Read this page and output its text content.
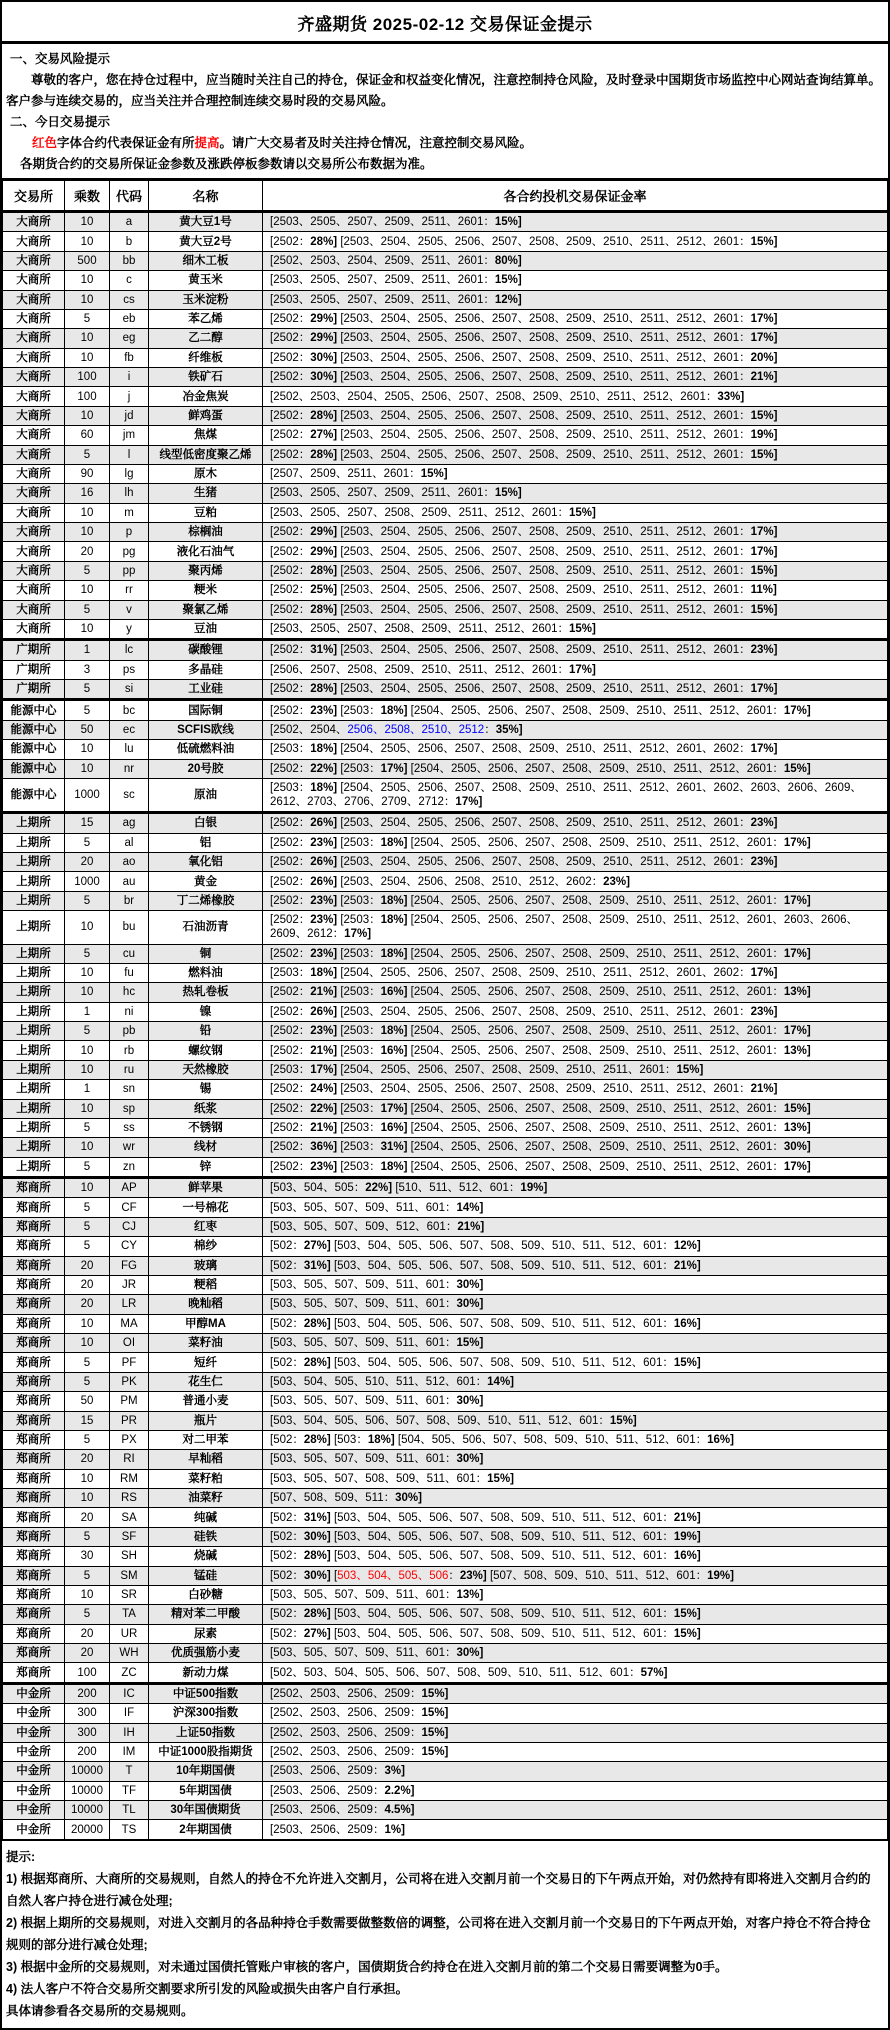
齐盛期货 2025-02-12 交易保证金提示
一、交易风险提示

尊敬的客户，您在持仓过程中，应当随时关注自己的持仓，保证金和权益变化情况，注意控制持仓风险，及时登录中国期货市场监控中心网站查询结算单。客户参与连续交易的，应当关注并合理控制连续交易时段的交易风险。

二、今日交易提示
红色字体合约代表保证金有所提高。请广大交易者及时关注持仓情况，注意控制交易风险。
各期货合约的交易所保证金参数及涨跌停板参数请以交易所公布数据为准。
交易所	乘数	代码	名称	各合约投机交易保证金率
大商所	10	a	黄大豆1号	[2503、2505、2507、2509、2511、2601：15%]
大商所	10	b	黄大豆2号	[2502：28%] [2503、2504、2505、2506、2507、2508、2509、2510、2511、2512、2601：15%]
大商所	500	bb	细木工板	[2502、2503、2504、2509、2511、2601：80%]
大商所	10	c	黄玉米	[2503、2505、2507、2509、2511、2601：15%]
大商所	10	cs	玉米淀粉	[2503、2505、2507、2509、2511、2601：12%]
大商所	5	eb	苯乙烯	[2502：29%] [2503、2504、2505、2506、2507、2508、2509、2510、2511、2512、2601：17%]
大商所	10	eg	乙二醇	[2502：29%] [2503、2504、2505、2506、2507、2508、2509、2510、2511、2512、2601：17%]
大商所	10	fb	纤维板	[2502：30%] [2503、2504、2505、2506、2507、2508、2509、2510、2511、2512、2601：20%]
大商所	100	i	铁矿石	[2502：30%] [2503、2504、2505、2506、2507、2508、2509、2510、2511、2512、2601：21%]
大商所	100	j	冶金焦炭	[2502、2503、2504、2505、2506、2507、2508、2509、2510、2511、2512、2601：33%]
大商所	10	jd	鲜鸡蛋	[2502：28%] [2503、2504、2505、2506、2507、2508、2509、2510、2511、2512、2601：15%]
大商所	60	jm	焦煤	[2502：27%] [2503、2504、2505、2506、2507、2508、2509、2510、2511、2512、2601：19%]
大商所	5	l	线型低密度聚乙烯	[2502：28%] [2503、2504、2505、2506、2507、2508、2509、2510、2511、2512、2601：15%]
大商所	90	lg	原木	[2507、2509、2511、2601：15%]
大商所	16	lh	生猪	[2503、2505、2507、2509、2511、2601：15%]
大商所	10	m	豆粕	[2503、2505、2507、2508、2509、2511、2512、2601：15%]
大商所	10	p	棕榈油	[2502：29%] [2503、2504、2505、2506、2507、2508、2509、2510、2511、2512、2601：17%]
大商所	20	pg	液化石油气	[2502：29%] [2503、2504、2505、2506、2507、2508、2509、2510、2511、2512、2601：17%]
大商所	5	pp	聚丙烯	[2502：28%] [2503、2504、2505、2506、2507、2508、2509、2510、2511、2512、2601：15%]
大商所	10	rr	粳米	[2502：25%] [2503、2504、2505、2506、2507、2508、2509、2510、2511、2512、2601：11%]
大商所	5	v	聚氯乙烯	[2502：28%] [2503、2504、2505、2506、2507、2508、2509、2510、2511、2512、2601：15%]
大商所	10	y	豆油	[2503、2505、2507、2508、2509、2511、2512、2601：15%]
广期所	1	lc	碳酸锂	[2502：31%] [2503、2504、2505、2506、2507、2508、2509、2510、2511、2512、2601：23%]
广期所	3	ps	多晶硅	[2506、2507、2508、2509、2510、2511、2512、2601：17%]
广期所	5	si	工业硅	[2502：28%] [2503、2504、2505、2506、2507、2508、2509、2510、2511、2512、2601：17%]
能源中心	5	bc	国际铜	[2502：23%] [2503：18%] [2504、2505、2506、2507、2508、2509、2510、2511、2512、2601：17%]
能源中心	50	ec	SCFIS欧线	[2502、2504、2506、2508、2510、2512：35%]
能源中心	10	lu	低硫燃料油	[2503：18%] [2504、2505、2506、2507、2508、2509、2510、2511、2512、2601、2602：17%]
能源中心	10	nr	20号胶	[2502：22%] [2503：17%] [2504、2505、2506、2507、2508、2509、2510、2511、2512、2601：15%]
能源中心	1000	sc	原油	[2503：18%] [2504、2505、2506、2507、2508、2509、2510、2511、2512、2601、2602、2603、2606、2609、2612、2703、2706、2709、2712：17%]
上期所	15	ag	白银	[2502：26%] [2503、2504、2505、2506、2507、2508、2509、2510、2511、2512、2601：23%]
上期所	5	al	铝	[2502：23%] [2503：18%] [2504、2505、2506、2507、2508、2509、2510、2511、2512、2601：17%]
上期所	20	ao	氧化铝	[2502：26%] [2503、2504、2505、2506、2507、2508、2509、2510、2511、2512、2601：23%]
上期所	1000	au	黄金	[2502：26%] [2503、2504、2506、2508、2510、2512、2602：23%]
上期所	5	br	丁二烯橡胶	[2502：23%] [2503：18%] [2504、2505、2506、2507、2508、2509、2510、2511、2512、2601：17%]
上期所	10	bu	石油沥青	[2502：23%] [2503：18%] [2504、2505、2506、2507、2508、2509、2510、2511、2512、2601、2603、2606、2609、2612：17%]
上期所	5	cu	铜	[2502：23%] [2503：18%] [2504、2505、2506、2507、2508、2509、2510、2511、2512、2601：17%]
上期所	10	fu	燃料油	[2503：18%] [2504、2505、2506、2507、2508、2509、2510、2511、2512、2601、2602：17%]
上期所	10	hc	热轧卷板	[2502：21%] [2503：16%] [2504、2505、2506、2507、2508、2509、2510、2511、2512、2601：13%]
上期所	1	ni	镍	[2502：26%] [2503、2504、2505、2506、2507、2508、2509、2510、2511、2512、2601：23%]
上期所	5	pb	铅	[2502：23%] [2503：18%] [2504、2505、2506、2507、2508、2509、2510、2511、2512、2601：17%]
上期所	10	rb	螺纹钢	[2502：21%] [2503：16%] [2504、2505、2506、2507、2508、2509、2510、2511、2512、2601：13%]
上期所	10	ru	天然橡胶	[2503：17%] [2504、2505、2506、2507、2508、2509、2510、2511、2601：15%]
上期所	1	sn	锡	[2502：24%] [2503、2504、2505、2506、2507、2508、2509、2510、2511、2512、2601：21%]
上期所	10	sp	纸浆	[2502：22%] [2503：17%] [2504、2505、2506、2507、2508、2509、2510、2511、2512、2601：15%]
上期所	5	ss	不锈钢	[2502：21%] [2503：16%] [2504、2505、2506、2507、2508、2509、2510、2511、2512、2601：13%]
上期所	10	wr	线材	[2502：36%] [2503：31%] [2504、2505、2506、2507、2508、2509、2510、2511、2512、2601：30%]
上期所	5	zn	锌	[2502：23%] [2503：18%] [2504、2505、2506、2507、2508、2509、2510、2511、2512、2601：17%]
郑商所	10	AP	鲜苹果	[503、504、505：22%] [510、511、512、601：19%]
郑商所	5	CF	一号棉花	[503、505、507、509、511、601：14%]
郑商所	5	CJ	红枣	[503、505、507、509、512、601：21%]
郑商所	5	CY	棉纱	[502：27%] [503、504、505、506、507、508、509、510、511、512、601：12%]
郑商所	20	FG	玻璃	[502：31%] [503、504、505、506、507、508、509、510、511、512、601：21%]
郑商所	20	JR	粳稻	[503、505、507、509、511、601：30%]
郑商所	20	LR	晚籼稻	[503、505、507、509、511、601：30%]
郑商所	10	MA	甲醇MA	[502：28%] [503、504、505、506、507、508、509、510、511、512、601：16%]
郑商所	10	OI	菜籽油	[503、505、507、509、511、601：15%]
郑商所	5	PF	短纤	[502：28%] [503、504、505、506、507、508、509、510、511、512、601：15%]
郑商所	5	PK	花生仁	[503、504、505、510、511、512、601：14%]
郑商所	50	PM	普通小麦	[503、505、507、509、511、601：30%]
郑商所	15	PR	瓶片	[503、504、505、506、507、508、509、510、511、512、601：15%]
郑商所	5	PX	对二甲苯	[502：28%] [503：18%] [504、505、506、507、508、509、510、511、512、601：16%]
郑商所	20	RI	早籼稻	[503、505、507、509、511、601：30%]
郑商所	10	RM	菜籽粕	[503、505、507、508、509、511、601：15%]
郑商所	10	RS	油菜籽	[507、508、509、511：30%]
郑商所	20	SA	纯碱	[502：31%] [503、504、505、506、507、508、509、510、511、512、601：21%]
郑商所	5	SF	硅铁	[502：30%] [503、504、505、506、507、508、509、510、511、512、601：19%]
郑商所	30	SH	烧碱	[502：28%] [503、504、505、506、507、508、509、510、511、512、601：16%]
郑商所	5	SM	锰硅	[502：30%] [503、504、505、506：23%] [507、508、509、510、511、512、601：19%]
郑商所	10	SR	白砂糖	[503、505、507、509、511、601：13%]
郑商所	5	TA	精对苯二甲酸	[502：28%] [503、504、505、506、507、508、509、510、511、512、601：15%]
郑商所	20	UR	尿素	[502：27%] [503、504、505、506、507、508、509、510、511、512、601：15%]
郑商所	20	WH	优质强筋小麦	[503、505、507、509、511、601：30%]
郑商所	100	ZC	新动力煤	[502、503、504、505、506、507、508、509、510、511、512、601：57%]
中金所	200	IC	中证500指数	[2502、2503、2506、2509：15%]
中金所	300	IF	沪深300指数	[2502、2503、2506、2509：15%]
中金所	300	IH	上证50指数	[2502、2503、2506、2509：15%]
中金所	200	IM	中证1000股指期货	[2502、2503、2506、2509：15%]
中金所	10000	T	10年期国债	[2503、2506、2509：3%]
中金所	10000	TF	5年期国债	[2503、2506、2509：2.2%]
中金所	10000	TL	30年国债期货	[2503、2506、2509：4.5%]
中金所	20000	TS	2年期国债	[2503、2506、2509：1%]

提示:

1) 根据郑商所、大商所的交易规则，自然人的持仓不允许进入交割月，公司将在进入交割月前一个交易日的下午两点开始，对仍然持有即将进入交割月合约的自然人客户持仓进行减仓处理;

2) 根据上期所的交易规则，对进入交割月的各品种持仓手数需要做整数倍的调整，公司将在进入交割月前一个交易日的下午两点开始，对客户持仓不符合持仓规则的部分进行减仓处理;

3) 根据中金所的交易规则，对未通过国债托管账户审核的客户，国债期货合约持仓在进入交割月前的第二个交易日需要调整为0手。

4) 法人客户不符合交易所交割要求所引发的风险或损失由客户自行承担。

具体请参看各交易所的交易规则。
